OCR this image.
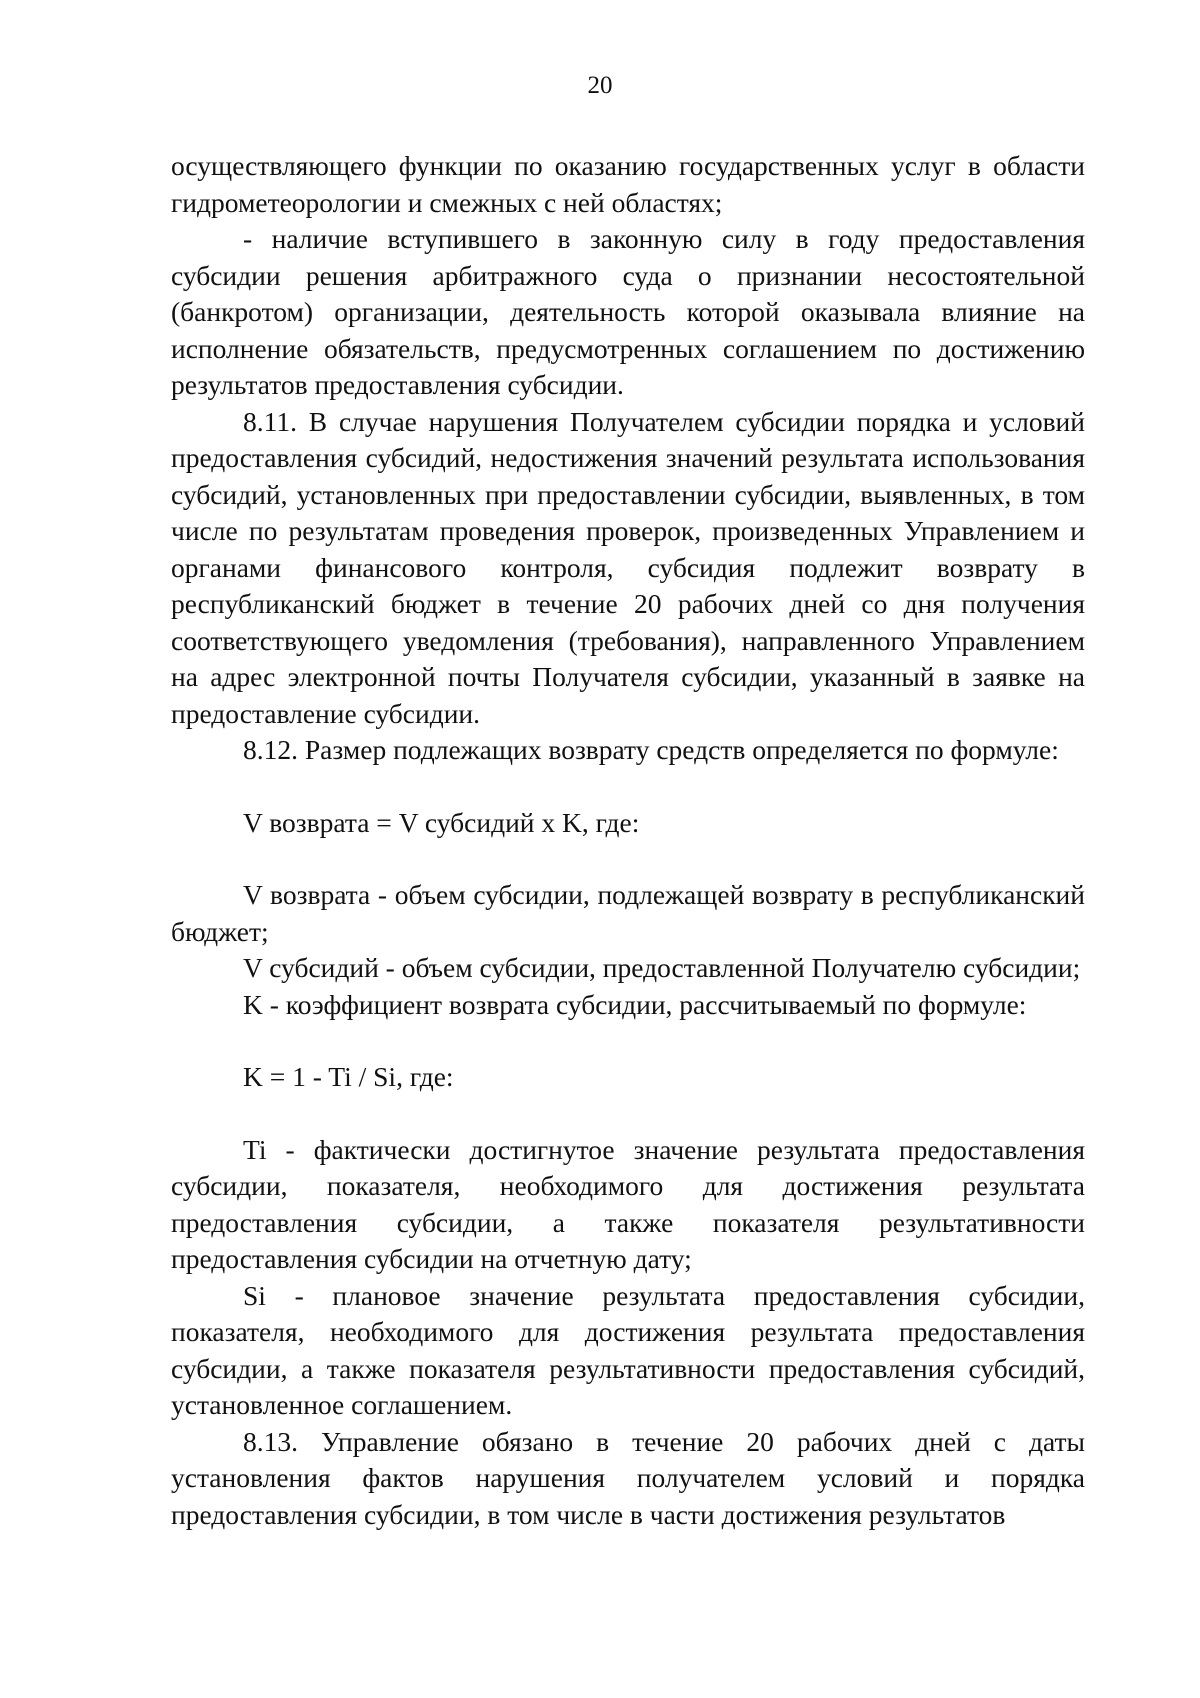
20

осуществляющего функции по оказанию государственных услуг в области гидрометеорологии и смежных с ней областях;

- наличие вступившего в законную силу в году предоставления субсидии решения арбитражного суда о признании несостоятельной (банкротом) организации, деятельность которой оказывала влияние на исполнение обязательств, предусмотренных соглашением по достижению результатов предоставления субсидии.

8.11. В случае нарушения Получателем субсидии порядка и условий предоставления субсидий, недостижения значений результата использования субсидий, установленных при предоставлении субсидии, выявленных, в том числе по результатам проведения проверок, произведенных Управлением и органами финансового контроля, субсидия подлежит возврату в республиканский бюджет в течение 20 рабочих дней со дня получения соответствующего уведомления (требования), направленного Управлением на адрес электронной почты Получателя субсидии, указанный в заявке на предоставление субсидии.

8.12. Размер подлежащих возврату средств определяется по формуле:

V возврата = V субсидий x K, где:

V возврата - объем субсидии, подлежащей возврату в республиканский бюджет;

V субсидий - объем субсидии, предоставленной Получателю субсидии;

K - коэффициент возврата субсидии, рассчитываемый по формуле:

K = 1 - Ti / Si, где:

Ti - фактически достигнутое значение результата предоставления субсидии, показателя, необходимого для достижения результата предоставления субсидии, а также показателя результативности предоставления субсидии на отчетную дату;

Si - плановое значение результата предоставления субсидии, показателя, необходимого для достижения результата предоставления субсидии, а также показателя результативности предоставления субсидий, установленное соглашением.

8.13. Управление обязано в течение 20 рабочих дней с даты установления фактов нарушения получателем условий и порядка предоставления субсидии, в том числе в части достижения результатов
